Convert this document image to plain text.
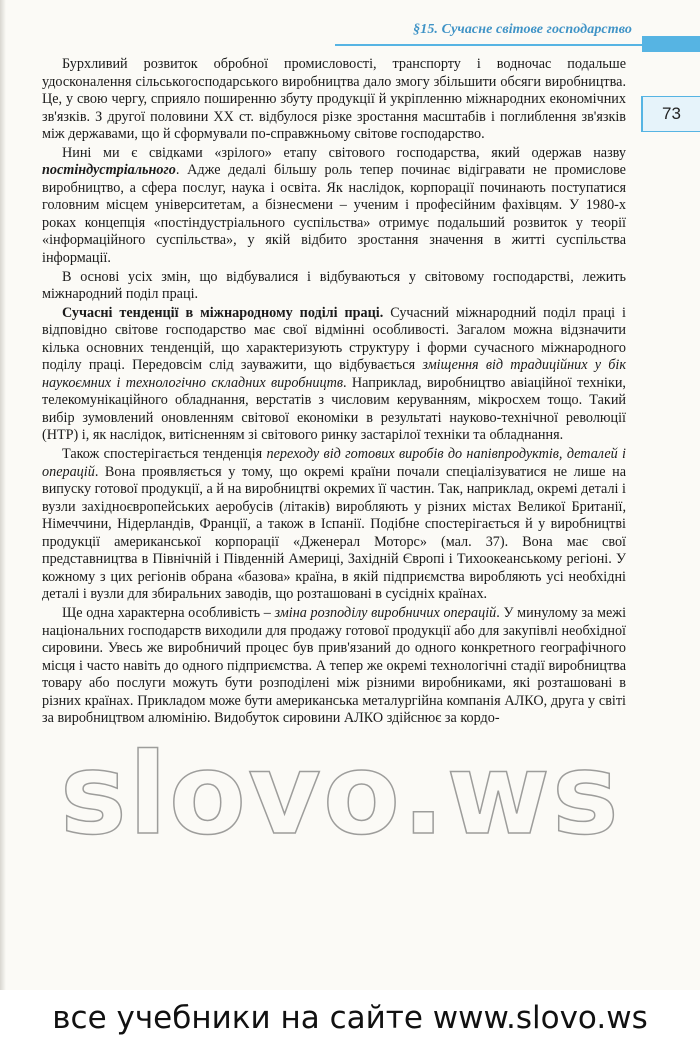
§15. Сучасне світове господарство
73

Бурхливий розвиток обробної промисловості, транспорту і водночас подальше удосконалення сільськогосподарського виробництва дало змогу збільшити обсяги виробництва. Це, у свою чергу, сприяло поширенню збуту продукції й укріпленню міжнародних економічних зв'язків. З другої половини XX ст. відбулося різке зростання масштабів і поглиблення зв'язків між державами, що й сформували по-справжньому світове господарство.

Нині ми є свідками «зрілого» етапу світового господарства, який одержав назву постіндустріального. Адже дедалі більшу роль тепер починає відігравати не промислове виробництво, а сфера послуг, наука і освіта. Як наслідок, корпорації починають поступатися головним місцем університетам, а бізнесмени – ученим і професійним фахівцям. У 1980-х роках концепція «постіндустріального суспільства» отримує подальший розвиток у теорії «інформаційного суспільства», у якій відбито зростання значення в житті суспільства інформації.

В основі усіх змін, що відбувалися і відбуваються у світовому господарстві, лежить міжнародний поділ праці.

Сучасні тенденції в міжнародному поділі праці. Сучасний міжнародний поділ праці і відповідно світове господарство має свої відмінні особливості. Загалом можна відзначити кілька основних тенденцій, що характеризують структуру і форми сучасного міжнародного поділу праці. Передовсім слід зауважити, що відбувається зміщення від традиційних у бік наукоємних і технологічно складних виробництв. Наприклад, виробництво авіаційної техніки, телекомунікаційного обладнання, верстатів з числовим керуванням, мікросхем тощо. Такий вибір зумовлений оновленням світової економіки в результаті науково-технічної революції (НТР) і, як наслідок, витісненням зі світового ринку застарілої техніки та обладнання.

Також спостерігається тенденція переходу від готових виробів до напівпродуктів, деталей і операцій. Вона проявляється у тому, що окремі країни почали спеціалізуватися не лише на випуску готової продукції, а й на виробництві окремих її частин. Так, наприклад, окремі деталі і вузли західноєвропейських аеробусів (літаків) виробляють у різних містах Великої Британії, Німеччини, Нідерландів, Франції, а також в Іспанії. Подібне спостерігається й у виробництві продукції американської корпорації «Дженерал Моторс» (мал. 37). Вона має свої представництва в Північній і Південній Америці, Західній Європі і Тихоокеанському регіоні. У кожному з цих регіонів обрана «базова» країна, в якій підприємства виробляють усі необхідні деталі і вузли для збиральних заводів, що розташовані в сусідніх країнах.

Ще одна характерна особливість – зміна розподілу виробничих операцій. У минулому за межі національних господарств виходили для продажу готової продукції або для закупівлі необхідної сировини. Увесь же виробничий процес був прив'язаний до одного конкретного географічного місця і часто навіть до одного підприємства. А тепер же окремі технологічні стадії виробництва товару або послуги можуть бути розподілені між різними виробниками, які розташовані в різних країнах. Прикладом може бути американська металургійна компанія АЛКО, друга у світі за виробництвом алюмінію. Видобуток сировини АЛКО здійснює за кордо-

slovo.ws
все учебники на сайте www.slovo.ws
